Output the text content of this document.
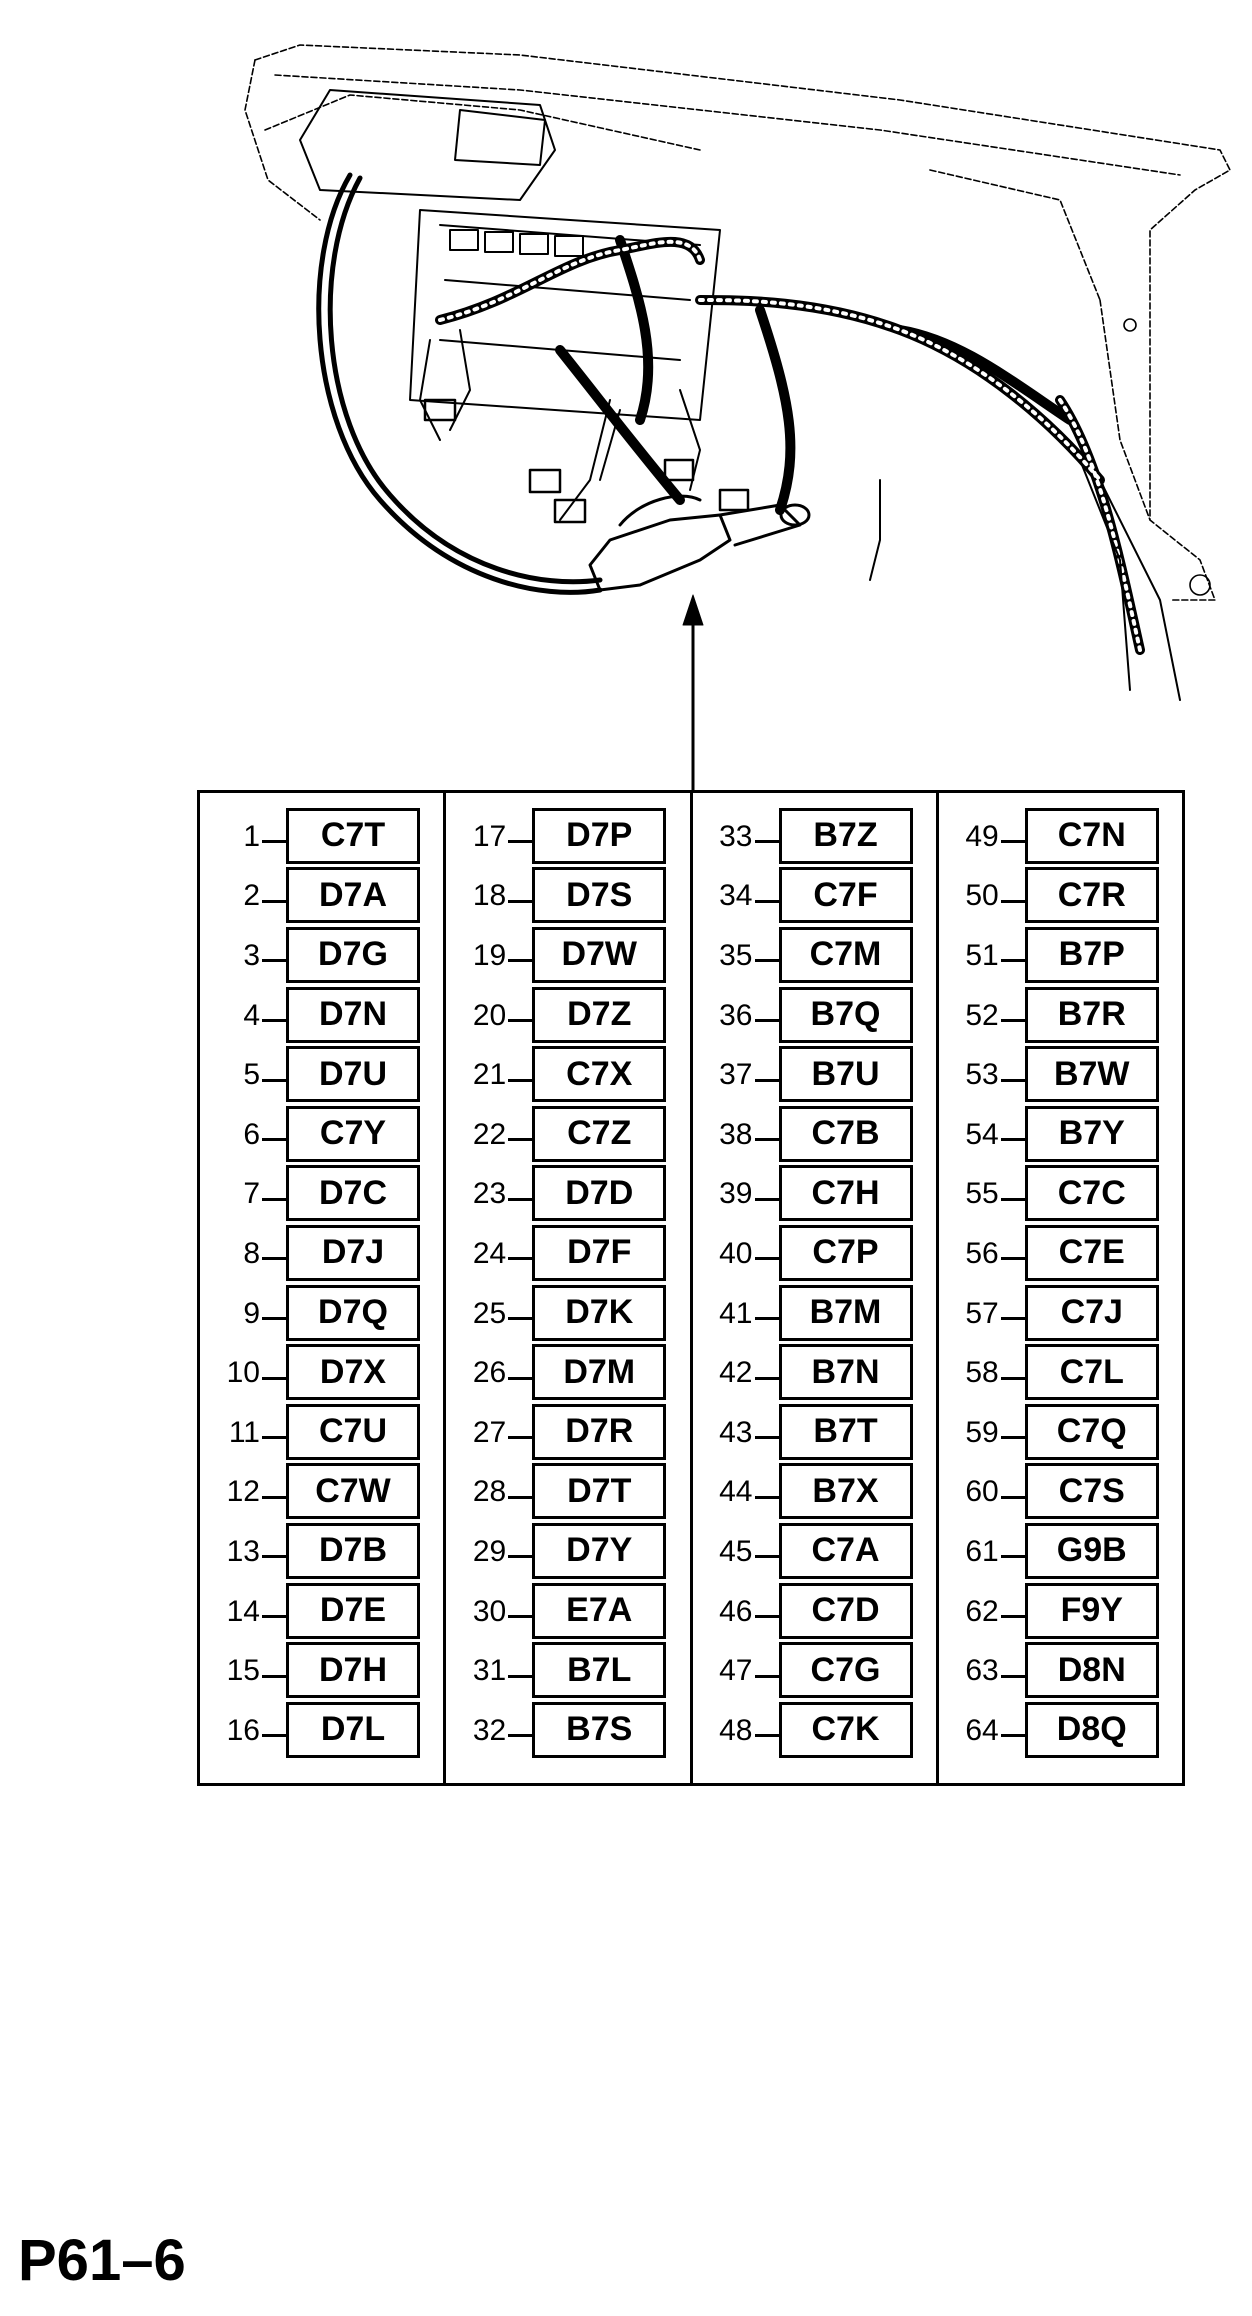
1	C7T
2	D7A
3	D7G
4	D7N
5	D7U
6	C7Y
7	D7C
8	D7J
9	D7Q
10	D7X
11	C7U
12	C7W
13	D7B
14	D7E
15	D7H
16	D7L
17	D7P
18	D7S
19	D7W
20	D7Z
21	C7X
22	C7Z
23	D7D
24	D7F
25	D7K
26	D7M
27	D7R
28	D7T
29	D7Y
30	E7A
31	B7L
32	B7S
33	B7Z
34	C7F
35	C7M
36	B7Q
37	B7U
38	C7B
39	C7H
40	C7P
41	B7M
42	B7N
43	B7T
44	B7X
45	C7A
46	C7D
47	C7G
48	C7K
49	C7N
50	C7R
51	B7P
52	B7R
53	B7W
54	B7Y
55	C7C
56	C7E
57	C7J
58	C7L
59	C7Q
60	C7S
61	G9B
62	F9Y
63	D8N
64	D8Q
P61–6
